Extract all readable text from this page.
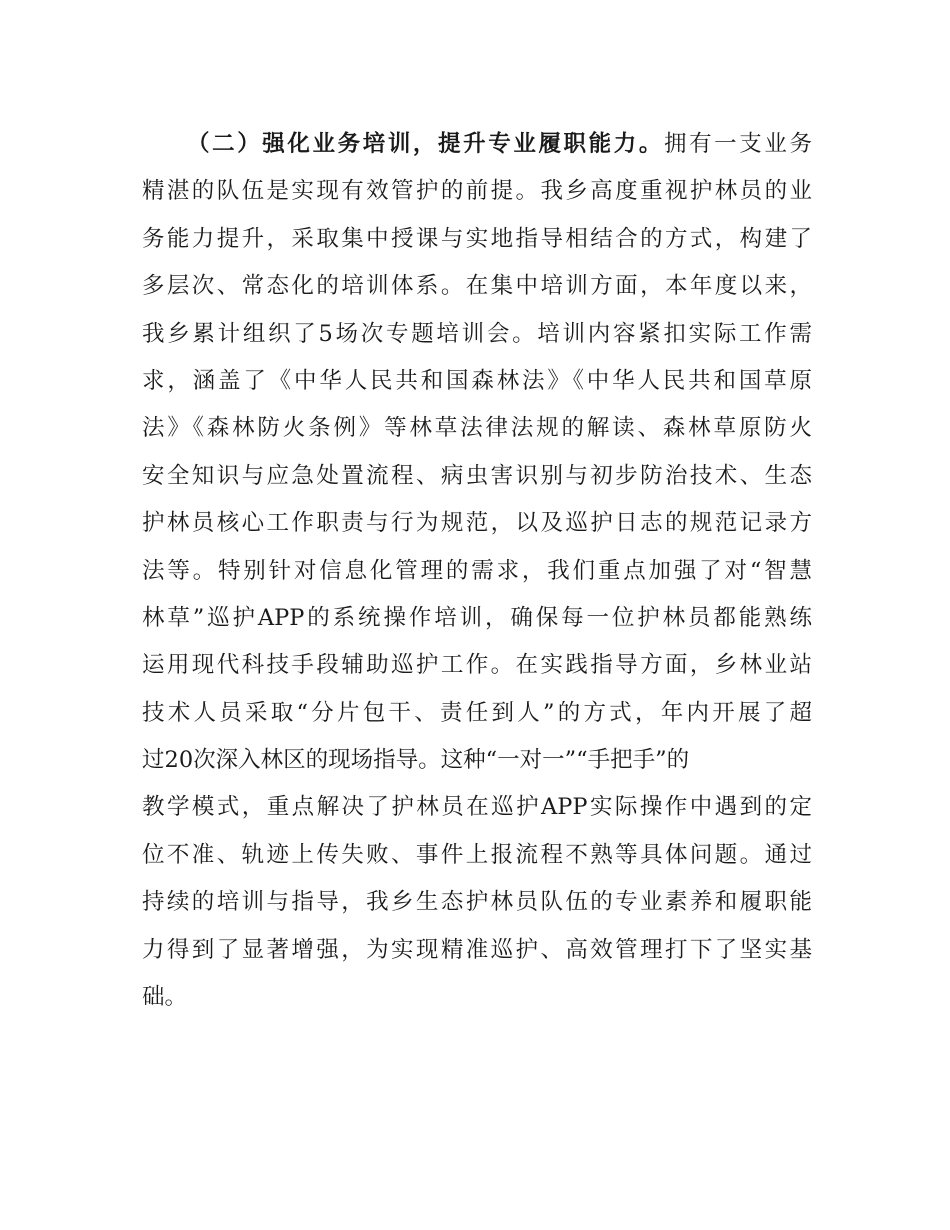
（二）强化业务培训，提升专业履职能力。拥有一支业务
精湛的队伍是实现有效管护的前提。我乡高度重视护林员的业
务能力提升，采取集中授课与实地指导相结合的方式，构建了
多层次、常态化的培训体系。在集中培训方面，本年度以来，
我乡累计组织了5场次专题培训会。培训内容紧扣实际工作需
求，涵盖了《中华人民共和国森林法》《中华人民共和国草原
法》《森林防火条例》等林草法律法规的解读、森林草原防火
安全知识与应急处置流程、病虫害识别与初步防治技术、生态
护林员核心工作职责与行为规范，以及巡护日志的规范记录方
法等。特别针对信息化管理的需求，我们重点加强了对“智慧
林草”巡护APP的系统操作培训，确保每一位护林员都能熟练
运用现代科技手段辅助巡护工作。在实践指导方面，乡林业站
技术人员采取“分片包干、责任到人”的方式，年内开展了超
过20次深入林区的现场指导。这种“一对一”“手把手”的
教学模式，重点解决了护林员在巡护APP实际操作中遇到的定
位不准、轨迹上传失败、事件上报流程不熟等具体问题。通过
持续的培训与指导，我乡生态护林员队伍的专业素养和履职能
力得到了显著增强，为实现精准巡护、高效管理打下了坚实基
础。
